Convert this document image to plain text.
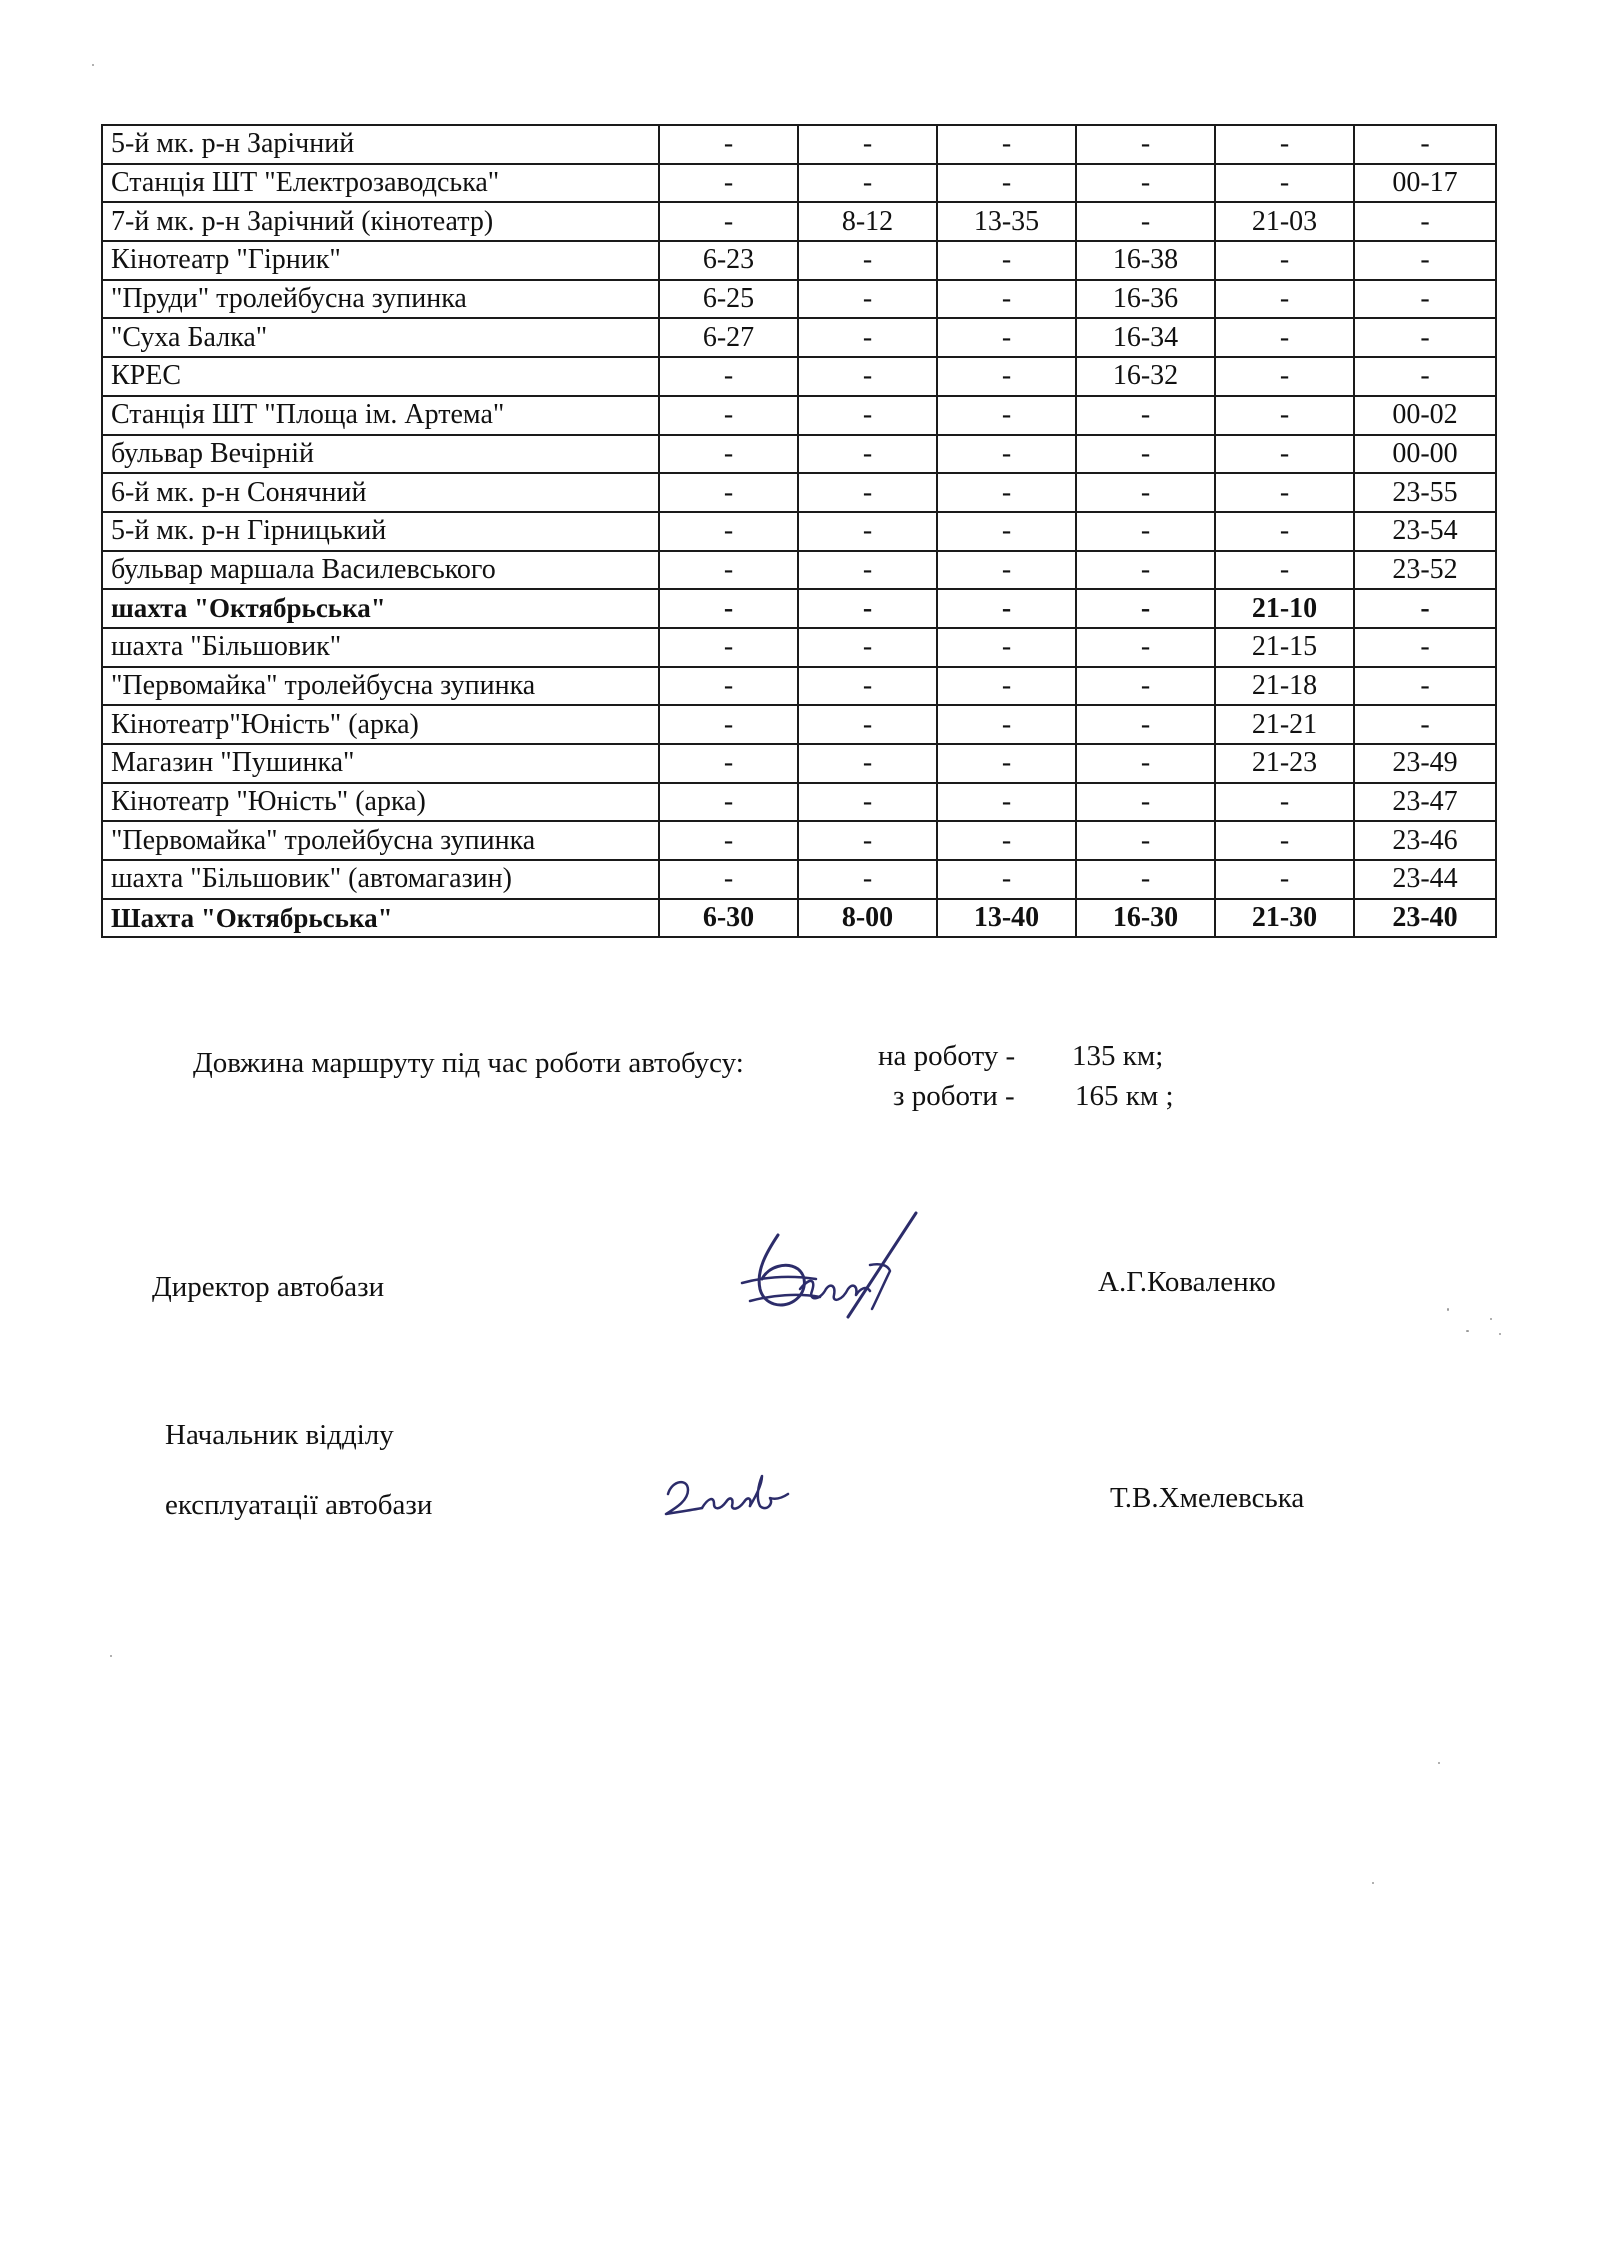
5-й мк. р-н Зарічний	-	-	-	-	-	-
Станція ШТ "Електрозаводська"	-	-	-	-	-	00-17
7-й мк. р-н Зарічний (кінотеатр)	-	8-12	13-35	-	21-03	-
Кінотеатр "Гірник"	6-23	-	-	16-38	-	-
"Пруди" тролейбусна зупинка	6-25	-	-	16-36	-	-
"Суха Балка"	6-27	-	-	16-34	-	-
КРЕС	-	-	-	16-32	-	-
Станція ШТ "Площа ім. Артема"	-	-	-	-	-	00-02
бульвар Вечірній	-	-	-	-	-	00-00
6-й мк. р-н Сонячний	-	-	-	-	-	23-55
5-й мк. р-н Гірницький	-	-	-	-	-	23-54
бульвар маршала Василевського	-	-	-	-	-	23-52
шахта "Октябрьська"	-	-	-	-	21-10	-
шахта "Більшовик"	-	-	-	-	21-15	-
"Первомайка" тролейбусна зупинка	-	-	-	-	21-18	-
Кінотеатр"Юність" (арка)	-	-	-	-	21-21	-
Магазин "Пушинка"	-	-	-	-	21-23	23-49
Кінотеатр "Юність" (арка)	-	-	-	-	-	23-47
"Первомайка" тролейбусна зупинка	-	-	-	-	-	23-46
шахта "Більшовик" (автомагазин)	-	-	-	-	-	23-44
Шахта "Октябрьська"	6-30	8-00	13-40	16-30	21-30	23-40
Довжина маршруту під час роботи автобусу:	на роботу - 135 км;
з роботи - 165 км ;
Директор автобази	А.Г.Коваленко
Начальник відділу
експлуатації автобази	Т.В.Хмелевська
